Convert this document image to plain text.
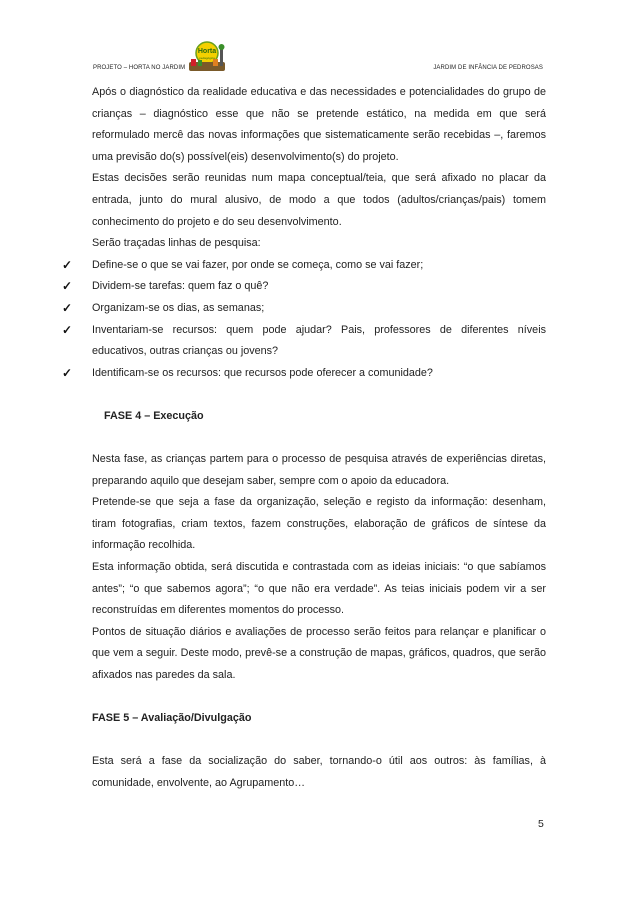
PROJETO – HORTA NO JARDIM
Horta
pedagógica
JARDIM DE INFÂNCIA DE PEDROSAS

Após o diagnóstico da realidade educativa e das necessidades e potencialidades do grupo de crianças – diagnóstico esse que não se pretende estático, na medida em que será reformulado mercê das novas informações que sistematicamente serão recebidas –, faremos uma previsão do(s) possível(eis) desenvolvimento(s) do projeto.

Estas decisões serão reunidas num mapa conceptual/teia, que será afixado no placar da entrada, junto do mural alusivo, de modo a que todos (adultos/crianças/pais) tomem conhecimento do projeto e do seu desenvolvimento.

Serão traçadas linhas de pesquisa:

✓ Define-se o que se vai fazer, por onde se começa, como se vai fazer;

✓ Dividem-se tarefas: quem faz o quê?

✓ Organizam-se os dias, as semanas;

✓ Inventariam-se recursos: quem pode ajudar? Pais, professores de diferentes níveis educativos, outras crianças ou jovens?

✓ Identificam-se os recursos: que recursos pode oferecer a comunidade?

FASE 4 – Execução

Nesta fase, as crianças partem para o processo de pesquisa através de experiências diretas, preparando aquilo que desejam saber, sempre com o apoio da educadora.

Pretende-se que seja a fase da organização, seleção e registo da informação: desenham, tiram fotografias, criam textos, fazem construções, elaboração de gráficos de síntese da informação recolhida.

Esta informação obtida, será discutida e contrastada com as ideias iniciais: “o que sabíamos antes”; “o que sabemos agora”; “o que não era verdade”. As teias iniciais podem vir a ser reconstruídas em diferentes momentos do processo.

Pontos de situação diários e avaliações de processo serão feitos para relançar e planificar o que vem a seguir. Deste modo, prevê-se a construção de mapas, gráficos, quadros, que serão afixados nas paredes da sala.

FASE 5 – Avaliação/Divulgação

Esta será a fase da socialização do saber, tornando-o útil aos outros: às famílias, à comunidade, envolvente, ao Agrupamento…

5
